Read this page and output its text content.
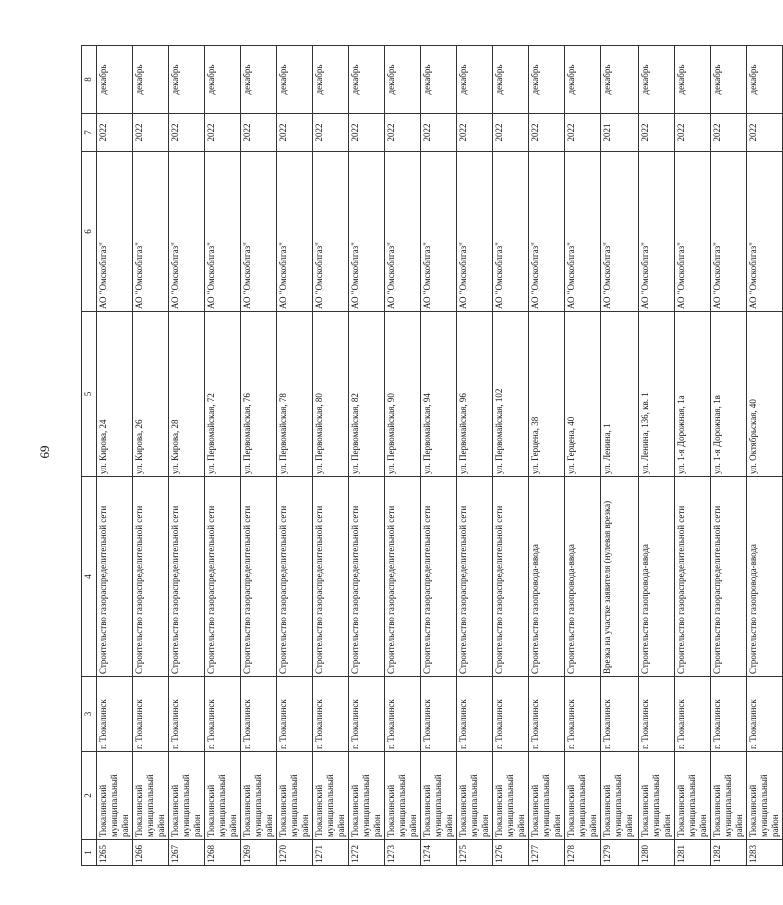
69
1	2	3	4	5	6	7	8
1265	Тюкалинский муниципальный район	г. Тюкалинск	Строительство газораспределительной сети	ул. Кирова, 24	АО "Омскоблгаз"	2022	декабрь
1266	Тюкалинский муниципальный район	г. Тюкалинск	Строительство газораспределительной сети	ул. Кирова, 26	АО "Омскоблгаз"	2022	декабрь
1267	Тюкалинский муниципальный район	г. Тюкалинск	Строительство газораспределительной сети	ул. Кирова, 28	АО "Омскоблгаз"	2022	декабрь
1268	Тюкалинский муниципальный район	г. Тюкалинск	Строительство газораспределительной сети	ул. Первомайская, 72	АО "Омскоблгаз"	2022	декабрь
1269	Тюкалинский муниципальный район	г. Тюкалинск	Строительство газораспределительной сети	ул. Первомайская, 76	АО "Омскоблгаз"	2022	декабрь
1270	Тюкалинский муниципальный район	г. Тюкалинск	Строительство газораспределительной сети	ул. Первомайская, 78	АО "Омскоблгаз"	2022	декабрь
1271	Тюкалинский муниципальный район	г. Тюкалинск	Строительство газораспределительной сети	ул. Первомайская, 80	АО "Омскоблгаз"	2022	декабрь
1272	Тюкалинский муниципальный район	г. Тюкалинск	Строительство газораспределительной сети	ул. Первомайская, 82	АО "Омскоблгаз"	2022	декабрь
1273	Тюкалинский муниципальный район	г. Тюкалинск	Строительство газораспределительной сети	ул. Первомайская, 90	АО "Омскоблгаз"	2022	декабрь
1274	Тюкалинский муниципальный район	г. Тюкалинск	Строительство газораспределительной сети	ул. Первомайская, 94	АО "Омскоблгаз"	2022	декабрь
1275	Тюкалинский муниципальный район	г. Тюкалинск	Строительство газораспределительной сети	ул. Первомайская, 96	АО "Омскоблгаз"	2022	декабрь
1276	Тюкалинский муниципальный район	г. Тюкалинск	Строительство газораспределительной сети	ул. Первомайская, 102	АО "Омскоблгаз"	2022	декабрь
1277	Тюкалинский муниципальный район	г. Тюкалинск	Строительство газопровода-ввода	ул. Герцена, 38	АО "Омскоблгаз"	2022	декабрь
1278	Тюкалинский муниципальный район	г. Тюкалинск	Строительство газопровода-ввода	ул. Герцена, 40	АО "Омскоблгаз"	2022	декабрь
1279	Тюкалинский муниципальный район	г. Тюкалинск	Врезка на участке заявителя (нулевая врезка)	ул. Ленина, 1	АО "Омскоблгаз"	2021	декабрь
1280	Тюкалинский муниципальный район	г. Тюкалинск	Строительство газопровода-ввода	ул. Ленина, 136, кв. 1	АО "Омскоблгаз"	2022	декабрь
1281	Тюкалинский муниципальный район	г. Тюкалинск	Строительство газораспределительной сети	ул. 1-я Дорожная, 1а	АО "Омскоблгаз"	2022	декабрь
1282	Тюкалинский муниципальный район	г. Тюкалинск	Строительство газораспределительной сети	ул. 1-я Дорожная, 1в	АО "Омскоблгаз"	2022	декабрь
1283	Тюкалинский муниципальный район	г. Тюкалинск	Строительство газопровода-ввода	ул. Октябрьская, 40	АО "Омскоблгаз"	2022	декабрь
